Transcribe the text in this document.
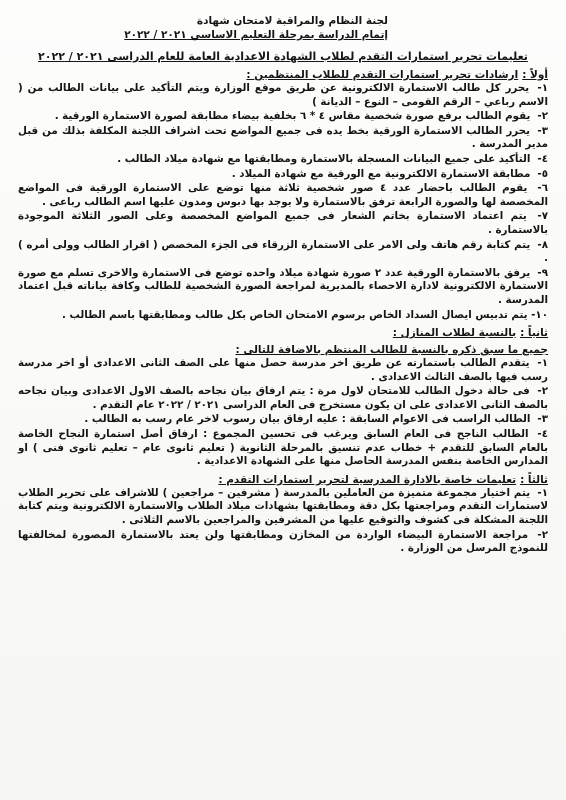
لجنة النظام والمراقبة لامتحان شهادة
إتمام الدراسة بمرحلة التعليم الاساسي ٢٠٢١ / ٢٠٢٢
تعليمات تحرير استمارات التقدم لطلاب الشهادة الاعدادية العامة للعام الدراسى ٢٠٢١ / ٢٠٢٢
أولاً :ارشادات تحرير استمارات التقدم للطلاب المنتظمين :
١- يحرر كل طالب الاستمارة الالكترونية عن طريق موقع الوزارة ويتم التأكيد على بيانات الطالب من ( الاسم رباعي – الرقم القومى – النوع – الديانة )
٢- يقوم الطالب برفع صورة شخصية مقاس ٤ * ٦ بخلفية بيضاء مطابقة لصورة الاستمارة الورقية .
٣- يحرر الطالب الاستمارة الورقية بخط يده فى جميع المواضع تحت اشراف اللجنة المكلفة بذلك من قبل مدير المدرسة .
٤- التأكيد على جميع البيانات المسجلة بالاستمارة ومطابقتها مع شهادة ميلاد الطالب .
٥- مطابقة الاستمارة الالكترونية مع الورقية مع شهادة الميلاد .
٦- يقوم الطالب باحضار عدد ٤ صور شخصية ثلاثة منها توضع على الاستمارة الورقية فى المواضع المخصصة لها والصورة الرابعة ترفق بالاستمارة ولا يوجد بها دبوس ومدون عليها اسم الطالب رباعى .
٧- يتم اعتماد الاستمارة بخاتم الشعار فى جميع المواضع المخصصة وعلى الصور الثلاثة الموجودة بالاستمارة .
٨- يتم كتابة رقم هاتف ولى الامر على الاستمارة الزرقاء فى الجزء المخصص ( اقرار الطالب وولى أمره ) .
٩- يرفق بالاستمارة الورقية عدد ٢ صورة شهادة ميلاد واحده توضع فى الاستمارة والاخرى تسلم مع صورة الاستمارة الالكترونية لادارة الاحصاء بالمديرية لمراجعة الصورة الشخصية للطالب وكافة بياناته قبل اعتماد المدرسة .
١٠- يتم تدبيس ايصال السداد الخاص برسوم الامتحان الخاص بكل طالب ومطابقتها باسم الطالب .
ثانياً :بالنسبة لطلاب المنازل :
جميع ما سبق ذكره بالنسبة للطالب المنتظم بالاضافة للتالى :
١- يتقدم الطالب باستمارته عن طريق اخر مدرسة حصل منها على الصف الثانى الاعدادى أو اخر مدرسة رسب فيها بالصف الثالث الاعدادى .
٢- فى حالة دخول الطالب للامتحان لاول مرة : يتم ارفاق بيان نجاحه بالصف الاول الاعدادى وبيان نجاحه بالصف الثانى الاعدادى على ان يكون مستخرج فى العام الدراسى ٢٠٢١ / ٢٠٢٢ عام التقدم .
٣- الطالب الراسب فى الاعوام السابقة : عليه ارفاق بيان رسوب لاخر عام رسب به الطالب .
٤- الطالب الناجح فى العام السابق ويرغب فى تحسين المجموع : ارفاق أصل استمارة النجاح الخاصة بالعام السابق للتقدم + خطاب عدم تنسيق بالمرحلة الثانوية ( تعليم ثانوى عام – تعليم ثانوى فنى ) او المدارس الخاصة بنفس المدرسة الحاصل منها على الشهادة الاعدادية .
ثالثاً :تعليمات خاصة بالادارة المدرسية لتحرير استمارات التقدم :
١- يتم اختيار مجموعة متميزة من العاملين بالمدرسة ( مشرفين – مراجعين ) للاشراف على تحرير الطلاب لاستمارات التقدم ومراجعتها بكل دقة ومطابقتها بشهادات ميلاد الطلاب والاستمارة الالكترونية ويتم كتابة اللجنة المشكلة فى كشوف والتوقيع عليها من المشرفين والمراجعين بالاسم الثلاثى .
٢- مراجعة الاستمارة البيضاء الواردة من المخازن ومطابقتها ولن يعتد بالاستمارة المصورة لمخالفتها للنموذج المرسل من الوزارة .
